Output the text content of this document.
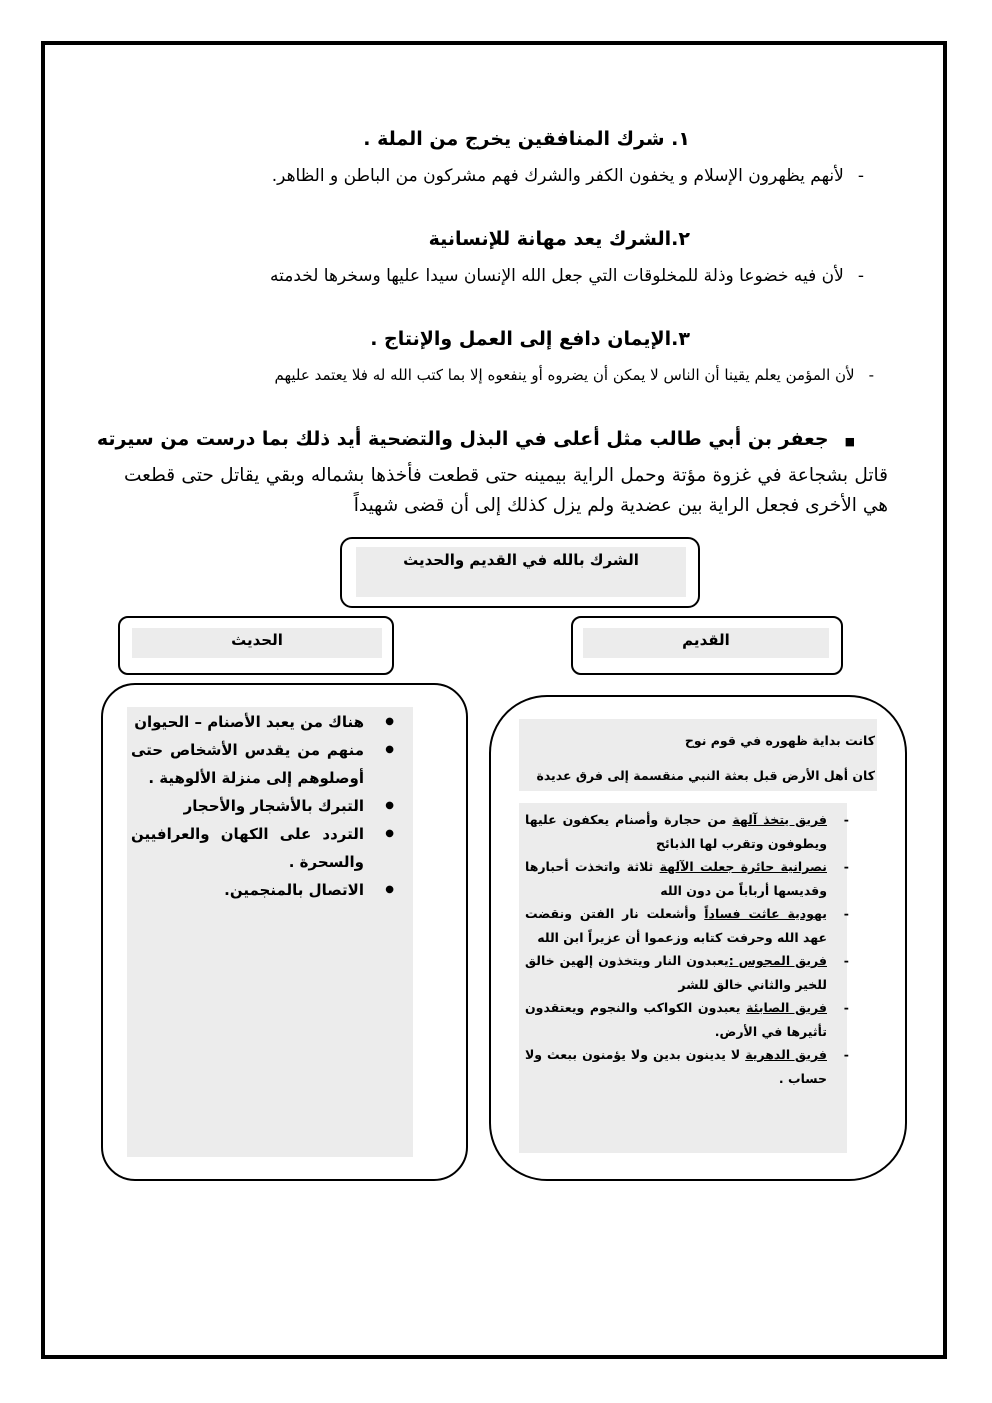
١. شرك المنافقين يخرج من الملة .
-لأنهم يظهرون الإسلام و يخفون الكفر والشرك فهم مشركون من الباطن و الظاهر.
٢.الشرك يعد مهانة للإنسانية
-لأن فيه خضوعا وذلة للمخلوقات التي جعل الله الإنسان سيدا عليها وسخرها لخدمته
٣.الإيمان دافع إلى العمل والإنتاج .
-لأن المؤمن يعلم يقينا أن الناس لا يمكن أن يضروه أو ينفعوه إلا بما كتب الله له فلا يعتمد عليهم
■جعفر بن أبي طالب مثل أعلى في البذل والتضحية أيد ذلك بما درست من سيرته
قاتل بشجاعة في غزوة مؤتة وحمل الراية بيمينه حتى قطعت فأخذها بشماله وبقي يقاتل حتى قطعت هي الأخرى فجعل الراية بين عضدية ولم يزل كذلك إلى أن قضى شهيداً
الشرك بالله في القديم والحديث
الحديث	القديم
● هناك من يعبد الأصنام – الحيوان
● منهم من يقدس الأشخاص حتى أوصلوهم إلى منزلة الألوهية .
● التبرك بالأشجار والأحجار
● التردد على الكهان والعرافيين والسحرة .
● الاتصال بالمنجمين.
كانت بداية ظهوره في قوم نوح
كان أهل الأرض قبل بعثة النبي منقسمة إلى فرق عديدة
- فريق يتخذ آلهة من حجارة وأصنام يعكفون عليها ويطوفون وتقرب لها الذبائح
- نصرانية حائرة جعلت الآلهة ثلاثة واتخذت أحبارها وقديسها أرباباً من دون الله
- يهودية عاثت فساداً وأشعلت نار الفتن ونقضت عهد الله وحرفت كتابه وزعموا أن عزيراً ابن الله
- فريق المجوس :يعبدون النار ويتخذون إلهين خالق للخير والثاني خالق للشر
- فريق الصابئة يعبدون الكواكب والنجوم ويعتقدون تأثيرها في الأرض.
- فريق الدهرية لا يدينون بدين ولا يؤمنون ببعث ولا حساب .
